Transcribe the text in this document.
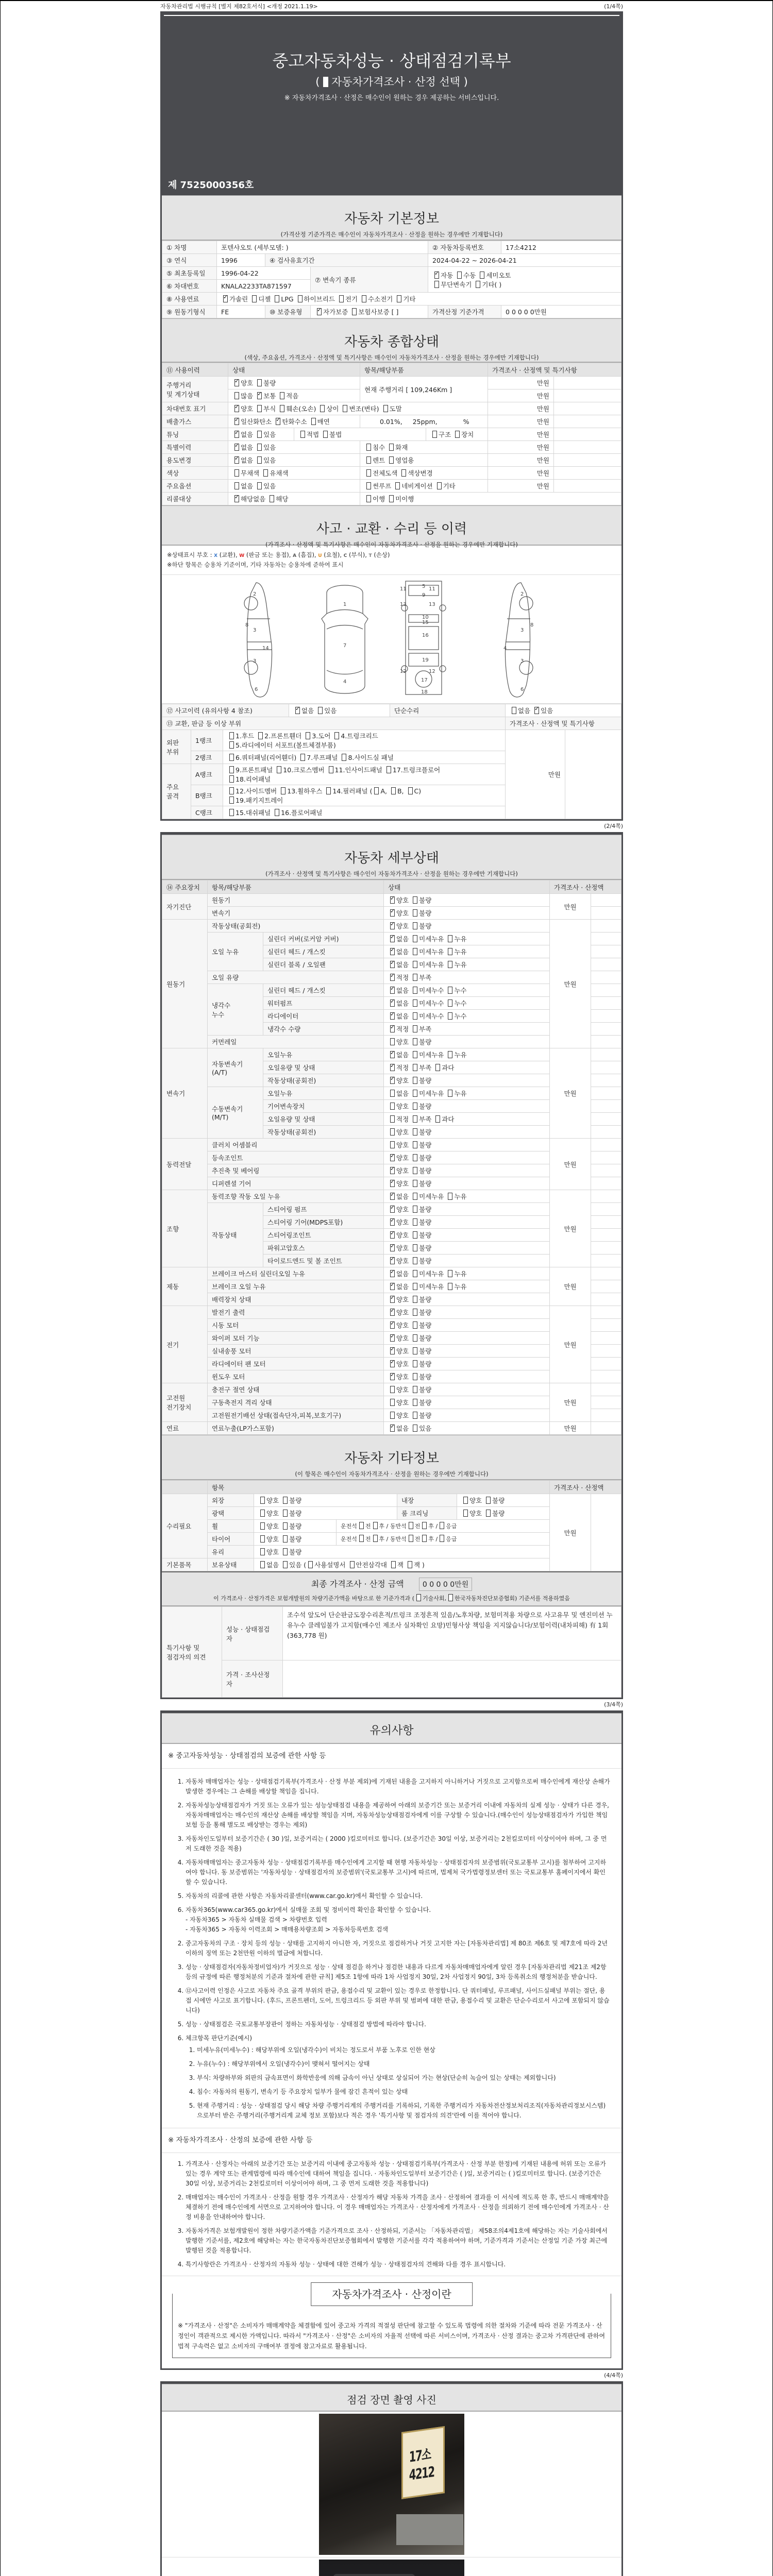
자동차관리법 시행규칙 [별지 제82호서식] <개정 2021.1.19>	(1/4쪽)
중고자동차성능 · 상태점검기록부
( 자동차가격조사 · 산정 선택 )
※ 자동차가격조사 · 산정은 매수인이 원하는 경우 제공하는 서비스입니다.
제 7525000356호
자동차 기본정보

(가격산정 기준가격은 매수인이 자동차가격조사 · 산정을 원하는 경우에만 기재합니다)

① 차명	포텐샤오토 (세부모델: )	② 자동차등록번호	17소4212
③ 연식	1996	④ 검사유효기간	2024-04-22 ~ 2026-04-21
⑤ 최초등록일	1996-04-22	⑦ 변속기 종류	✓자동 수동 세미오토
무단변속기 기타( )
⑥ 차대번호	KNALA2233TA871597
⑧ 사용연료	✓가솔린 디젤 LPG 하이브리드 전기 수소전기 기타
⑨ 원동기형식	FE	⑩ 보증유형	✓자가보증 보험사보증 [ ]	가격산정 기준가격	0 0 0 0 0만원
자동차 종합상태

(색상, 주요옵션, 가격조사 · 산정액 및 특기사항은 매수인이 자동차가격조사 · 산정을 원하는 경우에만 기재합니다)

⑪ 사용이력	상태	항목/해당부품	가격조사 · 산정액 및 특기사항
주행거리
및 계기상태	✓양호 불량	현재 주행거리 [ 109,246Km ]	만원	
많음 ✓ 보통 적음	만원	
차대번호 표기	✓양호 부식 훼손(오손) 상이 변조(변타) 도말	만원	
배출가스	✓일산화탄소 ✓ 탄화수소 매연	0.01%, 25ppm,	%	만원	
튜닝	✓없음 있음	적법 불법	구조 장치	만원	
특별이력	✓없음 있음	침수 화재	만원	
용도변경	✓없음 있음	렌트 영업용	만원	
색상	무채색 유채색	전체도색 색상변경	만원	
주요옵션	없음 있음	썬루프 네비게이션 기타	만원	
리콜대상	✓해당없음 해당	이행 미이행
사고 · 교환 · 수리 등 이력

(가격조사 · 산정액 및 특기사항은 매수인이 자동차가격조사 · 산정을 원하는 경우에만 기재합니다)

※상태표시 부호 : X (교환), W (판금 또는 용접), A (흠집), U (요철), C (부식), T (손상)
※하단 항목은 승용차 기준이며, 기타 자동차는 승용차에 준하여 표시
2
3
3
6
14
8
1
7
4
5
9
10
15
16
19
17
18
11	11
13	13
12	12
2
3
3
6
4
8
⑫ 사고이력 (유의사항 4 참조)	✓없음 있음	단순수리	없음 ✓ 있음
⑬ 교환, 판금 등 이상 부위	가격조사 · 산정액 및 특기사항
외판
부위	1랭크	1.후드 2.프론트휀더 3.도어 4.트렁크리드
5.라디에이터 서포트(볼트체결부품)	만원	
2랭크	6.쿼터패널(리어휀더) 7.루프패널 8.사이드실 패널
주요
골격	A랭크	9.프론트패널 10.크로스멤버 11.인사이드패널 17.트렁크플로어
18.리어패널
B랭크	12.사이드멤버 13.휠하우스 14.필러패널 ( A, B, C)
19.패키지트레이
C랭크	15.대쉬패널 16.플로어패널
(2/4쪽)
자동차 세부상태

(가격조사 · 산정액 및 특기사항은 매수인이 자동차가격조사 · 산정을 원하는 경우에만 기재합니다)

⑭ 주요장치	항목/해당부품	상태	가격조사 · 산정액
자기진단	원동기	✓양호 불량	만원	
변속기	✓양호 불량	
원동기	작동상태(공회전)	✓양호 불량	만원	
오일 누유	실린더 커버(로커암 커버)	✓없음 미세누유 누유	
실린더 헤드 / 개스킷	✓없음 미세누유 누유	
실린더 블록 / 오일팬	✓없음 미세누유 누유	
오일 유량	✓적정 부족	
냉각수
누수	실린더 헤드 / 개스킷	✓없음 미세누수 누수	
워터펌프	✓없음 미세누수 누수	
라디에이터	✓없음 미세누수 누수	
냉각수 수량	✓적정 부족	
커먼레일	양호 불량	
변속기	자동변속기
(A/T)	오일누유	✓없음 미세누유 누유	만원	
오일유량 및 상태	✓적정 부족 과다	
작동상태(공회전)	✓양호 불량	
수동변속기
(M/T)	오일누유	없음 미세누유 누유	
기어변속장치	양호 불량	
오일유량 및 상태	적정 부족 과다	
작동상태(공회전)	양호 불량	
동력전달	클러치 어셈블리	양호 불량	만원	
등속조인트	✓양호 불량	
추진축 및 베어링	✓양호 불량	
디퍼렌셜 기어	✓양호 불량	
조향	동력조향 작동 오일 누유	✓없음 미세누유 누유	만원	
작동상태	스티어링 펌프	✓양호 불량	
스티어링 기어(MDPS포함)	✓양호 불량	
스티어링조인트	✓양호 불량	
파워고압호스	✓양호 불량	
타이로드엔드 및 볼 조인트	✓양호 불량	
제동	브레이크 마스터 실린더오일 누유	✓없음 미세누유 누유	만원	
브레이크 오일 누유	✓없음 미세누유 누유	
배력장치 상태	✓양호 불량	
전기	발전기 출력	✓양호 불량	만원	
시동 모터	✓양호 불량	
와이퍼 모터 기능	✓양호 불량	
실내송풍 모터	✓양호 불량	
라디에이터 팬 모터	✓양호 불량	
윈도우 모터	✓양호 불량	
고전원
전기장치	충전구 절연 상태	양호 불량	만원	
구동축전지 격리 상태	양호 불량	
고전원전기배선 상태(접속단자,피복,보호기구)	양호 불량	
연료	연료누출(LP가스포함)	✓없음 있음	만원	
자동차 기타정보

(이 항목은 매수인이 자동차가격조사 · 산정을 원하는 경우에만 기재합니다)

	항목	가격조사 · 산정액
수리필요	외장	양호 불량	내장	양호 불량	만원	
광택	양호 불량	룸 크리닝	양호 불량
휠	양호 불량	운전석 전 후 / 동반석 전 후 / 응급
타이어	양호 불량	운전석 전 후 / 동반석 전 후 / 응급
유리	양호 불량
기본품목	보유상태	없음 있음 ( 사용설명서 안전삼각대 잭 잭 )
최종 가격조사 · 산정 금액	0 0 0 0 0만원
이 가격조사 · 산정가격은 보험개발원의 차량기준가액을 바탕으로 한 기준가격과 ( 기술사회, 한국자동차진단보증협회) 기준서를 적용하였음
특기사항 및
점검자의 의견	성능 · 상태점검
자	조수석 앞도어 단순판금도장수리흔적/트렁크 조정흔적 있음/노후차량, 보험미적용 차량으로 사고유무 및 엔진미션 누유누수 클레임불가 고지함(매수인 제조사 실차확인 요망)민형사상 책임을 지지않습니다/보험이력(내차피해) 有 1회 (363,778 원)
가격 · 조사산정
자	
(3/4쪽)
유의사항
※ 중고자동차성능 · 상태점검의 보증에 관한 사항 등
1. 자동차 매매업자는 성능 · 상태점검기록부(가격조사 · 산정 부분 제외)에 기재된 내용을 고지하지 아니하거나 거짓으로 고지함으로써 매수인에게 재산상 손해가 발생한 경우에는 그 손해를 배상할 책임을 집니다.
2. 자동차성능상태점검자가 거짓 또는 오류가 있는 성능상태점검 내용을 제공하여 아래의 보증기간 또는 보증거리 이내에 자동차의 실제 성능 · 상태가 다른 경우, 자동차매매업자는 매수인의 재산상 손해를 배상할 책임을 지며, 자동차성능상태점검자에게 이를 구상할 수 있습니다.(매수인이 성능상태점검자가 가입한 책임보험 등을 통해 별도로 배상받는 경우는 제외)
3. 자동차인도일부터 보증기간은 ( 30 )일, 보증거리는 ( 2000 )킬로미터로 합니다. (보증기간은 30일 이상, 보증거리는 2천킬로미터 이상이어야 하며, 그 중 먼저 도래한 것을 적용)
4. 자동차매매업자는 중고자동차 성능 · 상태점검기록부를 매수인에게 고지할 때 현행 자동차성능 · 상태점검자의 보증범위(국토교통부 고시)를 첨부하여 고지하여야 합니다. 동 보증범위는 '자동차성능 · 상태점검자의 보증범위'(국토교통부 고시)에 따르며, 법제처 국가법령정보센터 또는 국토교통부 홈페이지에서 확인할 수 있습니다.
5. 자동차의 리콜에 관한 사항은 자동차리콜센터(www.car.go.kr)에서 확인할 수 있습니다.
6. 자동차365(www.car365.go.kr)에서 실매물 조회 및 정비이력 확인을 확인할 수 있습니다.
- 자동차365 > 자동차 실매물 검색 > 차량번호 입력
- 자동차365 > 자동차 이력조회 > 매매용차량조회 > 자동차등록번호 검색
2. 중고자동차의 구조 · 장치 등의 성능 · 상태를 고지하지 아니한 자, 거짓으로 점검하거나 거짓 고지한 자는 [자동차관리법] 제 80조 제6호 및 제7호에 따라 2년 이하의 징역 또는 2천만원 이하의 벌금에 처합니다.
3. 성능 · 상태점검자(자동차정비업자)가 거짓으로 성능 · 상태 점검을 하거나 점검한 내용과 다르게 자동차매매업자에게 알린 경우 [자동차관리법 제21조 제2항 등의 규정에 따른 행정처분의 기준과 절차에 관한 규칙] 제5조 1항에 따라 1차 사업정지 30일, 2차 사업정지 90일, 3차 등록취소의 행정처분을 받습니다.
4. ⑫사고이력 인정은 사고로 자동차 주요 골격 부위의 판금, 용접수리 및 교환이 있는 경우로 한정합니다. 단 쿼터패널, 루프패널, 사이드실패널 부위는 절단, 용접 시에만 사고로 표기합니다. (후드, 프론트펜더, 도어, 트렁크리드 등 외판 부위 및 범퍼에 대한 판금, 용접수리 및 교환은 단순수리로서 사고에 포함되지 않습니다)
5. 성능 · 상태점검은 국토교통부장관이 정하는 자동차성능 · 상태점검 방법에 따라야 합니다.
6. 체크항목 판단기준(예시)
1. 미세누유(미세누수) : 해당부위에 오일(냉각수)이 비치는 정도로서 부품 노후로 인한 현상
2. 누유(누수) : 해당부위에서 오일(냉각수)이 맺혀서 떨어지는 상태
3. 부식: 차량하부와 외판의 금속표면이 화학반응에 의해 금속이 아닌 상태로 상실되어 가는 현상(단순히 녹슬어 있는 상태는 제외합니다)
4. 침수: 자동차의 원동기, 변속기 등 주요장치 일부가 물에 잠긴 흔적이 있는 상태
5. 현재 주행거리 : 성능 · 상태점검 당시 해당 차량 주행거리계의 주행거리를 기록하되, 기록한 주행거리가 자동차전산정보처리조직(자동차관리정보시스템)으로부터 받은 주행거리(주행거리계 교체 정보 포함)보다 적은 경우 '특기사항 및 점검자의 의견'란에 이를 적어야 합니다.
※ 자동차가격조사 · 산정의 보증에 관한 사항 등
1. 가격조사 · 산정자는 아래의 보증기간 또는 보증거리 이내에 중고자동차 성능 · 상태점검기록부(가격조사 · 산정 부분 한정)에 기재된 내용에 허위 또는 오류가 있는 경우 계약 또는 관계법령에 따라 매수인에 대하여 책임을 집니다. · 자동차인도일부터 보증기간은 ( )일, 보증거리는 ( )킬로미터로 합니다. (보증기간은 30일 이상, 보증거리는 2천킬로미터 이상이어야 하며, 그 중 먼저 도래한 것을 적용합니다)
2. 매매업자는 매수인이 가격조사 · 산정을 원할 경우 가격조사 · 산정자가 해당 자동차 가격을 조사 · 산정하여 결과를 이 서식에 적도록 한 후, 반드시 매매계약을 체결하기 전에 매수인에게 서면으로 고지하여야 합니다. 이 경우 매매업자는 가격조사 · 산정자에게 가격조사 · 산정을 의뢰하기 전에 매수인에게 가격조사 · 산정 비용을 안내하여야 합니다.
3. 자동차가격은 보험개발원이 정한 차량기준가액을 기준가격으로 조사 · 산정하되, 기준서는 「자동차관리법」 제58조의4제1호에 해당하는 자는 기술사회에서 발행한 기준서를, 제2호에 해당하는 자는 한국자동차진단보증협회에서 발행한 기준서를 각각 적용하여야 하며, 기준가격과 기준서는 산정일 기준 가장 최근에 발행된 것을 적용합니다.
4. 특기사항란은 가격조사 · 산정자의 자동차 성능 · 상태에 대한 견해가 성능 · 상태점검자의 견해와 다를 경우 표시합니다.
자동차가격조사 · 산정이란
※ "가격조사 · 산정"은 소비자가 매매계약을 체결함에 있어 중고차 가격의 적절성 판단에 참고할 수 있도록 법령에 의한 절차와 기준에 따라 전문 가격조사 · 산정인이 객관적으로 제시한 가액입니다. 따라서 "가격조사 · 산정"은 소비자의 자율적 선택에 따른 서비스이며, 가격조사 · 산정 결과는 중고차 가격판단에 관하여 법적 구속력은 없고 소비자의 구매여부 결정에 참고자료로 활용됩니다.
(4/4쪽)
점검 장면 촬영 사진
17소4212
